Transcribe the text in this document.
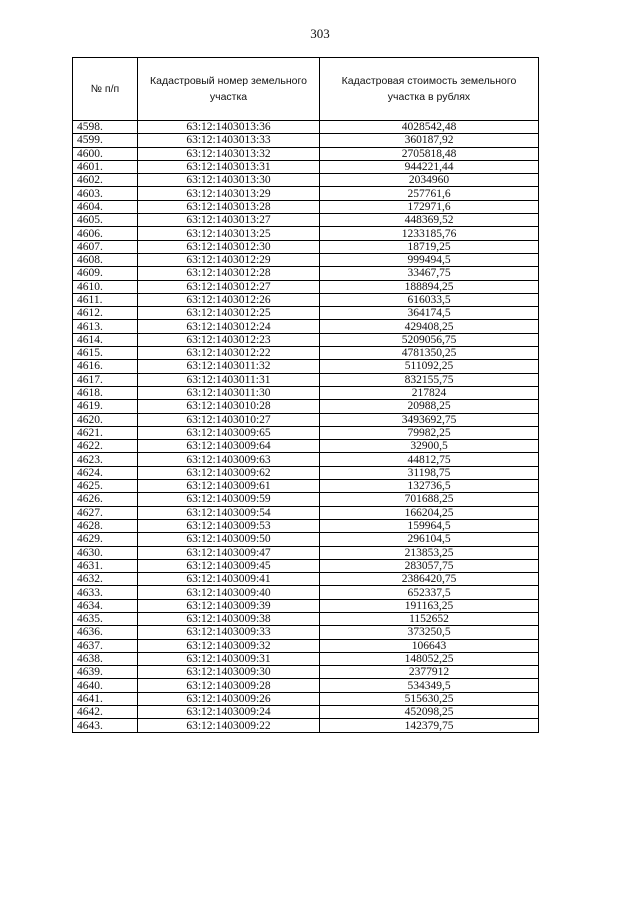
303
№ п/п	Кадастровый номер земельного участка	Кадастровая стоимость земельного участка в рублях
4598.	63:12:1403013:36	4028542,48
4599.	63:12:1403013:33	360187,92
4600.	63:12:1403013:32	2705818,48
4601.	63:12:1403013:31	944221,44
4602.	63:12:1403013:30	2034960
4603.	63:12:1403013:29	257761,6
4604.	63:12:1403013:28	172971,6
4605.	63:12:1403013:27	448369,52
4606.	63:12:1403013:25	1233185,76
4607.	63:12:1403012:30	18719,25
4608.	63:12:1403012:29	999494,5
4609.	63:12:1403012:28	33467,75
4610.	63:12:1403012:27	188894,25
4611.	63:12:1403012:26	616033,5
4612.	63:12:1403012:25	364174,5
4613.	63:12:1403012:24	429408,25
4614.	63:12:1403012:23	5209056,75
4615.	63:12:1403012:22	4781350,25
4616.	63:12:1403011:32	511092,25
4617.	63:12:1403011:31	832155,75
4618.	63:12:1403011:30	217824
4619.	63:12:1403010:28	20988,25
4620.	63:12:1403010:27	3493692,75
4621.	63:12:1403009:65	79982,25
4622.	63:12:1403009:64	32900,5
4623.	63:12:1403009:63	44812,75
4624.	63:12:1403009:62	31198,75
4625.	63:12:1403009:61	132736,5
4626.	63:12:1403009:59	701688,25
4627.	63:12:1403009:54	166204,25
4628.	63:12:1403009:53	159964,5
4629.	63:12:1403009:50	296104,5
4630.	63:12:1403009:47	213853,25
4631.	63:12:1403009:45	283057,75
4632.	63:12:1403009:41	2386420,75
4633.	63:12:1403009:40	652337,5
4634.	63:12:1403009:39	191163,25
4635.	63:12:1403009:38	1152652
4636.	63:12:1403009:33	373250,5
4637.	63:12:1403009:32	106643
4638.	63:12:1403009:31	148052,25
4639.	63:12:1403009:30	2377912
4640.	63:12:1403009:28	534349,5
4641.	63:12:1403009:26	515630,25
4642.	63:12:1403009:24	452098,25
4643.	63:12:1403009:22	142379,75
